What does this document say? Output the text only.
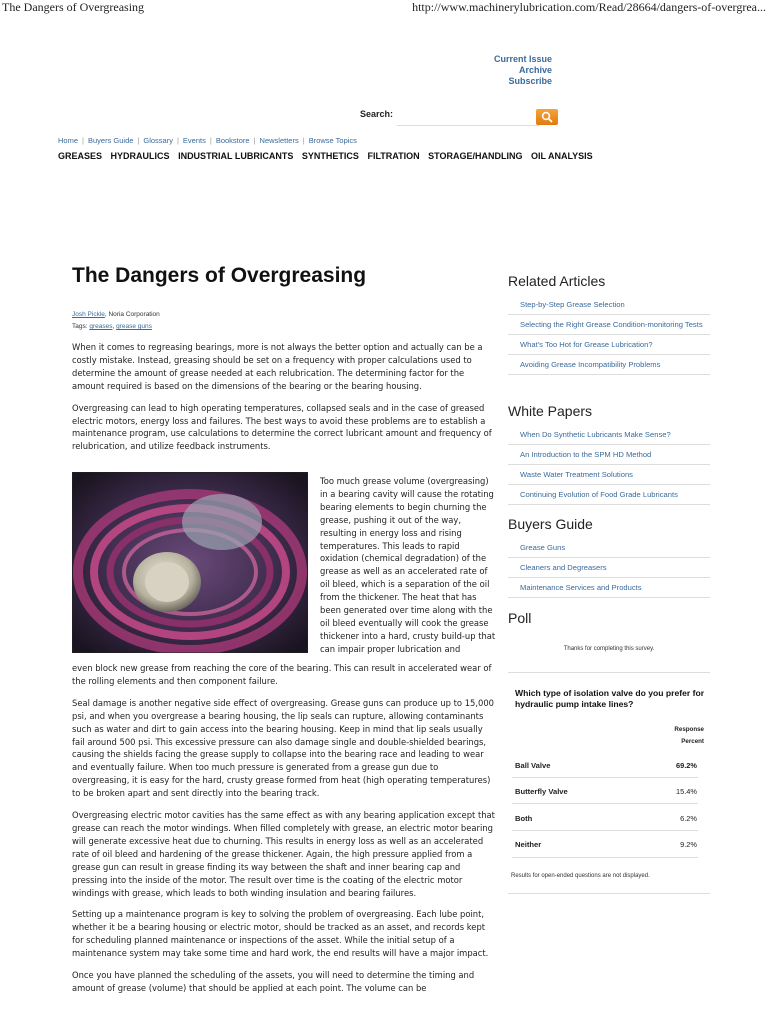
The Dangers of Overgreasing	http://www.machinerylubrication.com/Read/28664/dangers-of-overgrea...
Current Issue
Archive
Subscribe
Search:
Home | Buyers Guide | Glossary | Events | Bookstore | Newsletters | Browse Topics
GREASES HYDRAULICS INDUSTRIAL LUBRICANTS SYNTHETICS FILTRATION STORAGE/HANDLING OIL ANALYSIS
The Dangers of Overgreasing
Josh Pickle, Noria Corporation
Tags: greases, grease guns

When it comes to regreasing bearings, more is not always the better option and actually can be a costly mistake. Instead, greasing should be set on a frequency with proper calculations used to determine the amount of grease needed at each relubrication. The determining factor for the amount required is based on the dimensions of the bearing or the bearing housing.

Overgreasing can lead to high operating temperatures, collapsed seals and in the case of greased electric motors, energy loss and failures. The best ways to avoid these problems are to establish a maintenance program, use calculations to determine the correct lubricant amount and frequency of relubrication, and utilize feedback instruments.

Too much grease volume (overgreasing) in a bearing cavity will cause the rotating bearing elements to begin churning the grease, pushing it out of the way, resulting in energy loss and rising temperatures. This leads to rapid oxidation (chemical degradation) of the grease as well as an accelerated rate of oil bleed, which is a separation of the oil from the thickener. The heat that has been generated over time along with the oil bleed eventually will cook the grease thickener into a hard, crusty build-up that can impair proper lubrication and

even block new grease from reaching the core of the bearing. This can result in accelerated wear of the rolling elements and then component failure.

Seal damage is another negative side effect of overgreasing. Grease guns can produce up to 15,000 psi, and when you overgrease a bearing housing, the lip seals can rupture, allowing contaminants such as water and dirt to gain access into the bearing housing. Keep in mind that lip seals usually fail around 500 psi. This excessive pressure can also damage single and double-shielded bearings, causing the shields facing the grease supply to collapse into the bearing race and leading to wear and eventually failure. When too much pressure is generated from a grease gun due to overgreasing, it is easy for the hard, crusty grease formed from heat (high operating temperatures) to be broken apart and sent directly into the bearing track.

Overgreasing electric motor cavities has the same effect as with any bearing application except that grease can reach the motor windings. When filled completely with grease, an electric motor bearing will generate excessive heat due to churning. This results in energy loss as well as an accelerated rate of oil bleed and hardening of the grease thickener. Again, the high pressure applied from a grease gun can result in grease finding its way between the shaft and inner bearing cap and pressing into the inside of the motor. The result over time is the coating of the electric motor windings with grease, which leads to both winding insulation and bearing failures.

Setting up a maintenance program is key to solving the problem of overgreasing. Each lube point, whether it be a bearing housing or electric motor, should be tracked as an asset, and records kept for scheduling planned maintenance or inspections of the asset. While the initial setup of a maintenance system may take some time and hard work, the end results will have a major impact.

Once you have planned the scheduling of the assets, you will need to determine the timing and amount of grease (volume) that should be applied at each point. The volume can be

Related Articles
Step-by-Step Grease Selection
Selecting the Right Grease Condition-monitoring Tests
What's Too Hot for Grease Lubrication?
Avoiding Grease Incompatibility Problems
White Papers
When Do Synthetic Lubricants Make Sense?
An Introduction to the SPM HD Method
Waste Water Treatment Solutions
Continuing Evolution of Food Grade Lubricants
Buyers Guide
Grease Guns
Cleaners and Degreasers
Maintenance Services and Products
Poll
Thanks for completing this survey.
Which type of isolation valve do you prefer for hydraulic pump intake lines?
Response
Percent
Ball Valve	69.2%
Butterfly Valve	15.4%
Both	6.2%
Neither	9.2%
Results for open-ended questions are not displayed.
